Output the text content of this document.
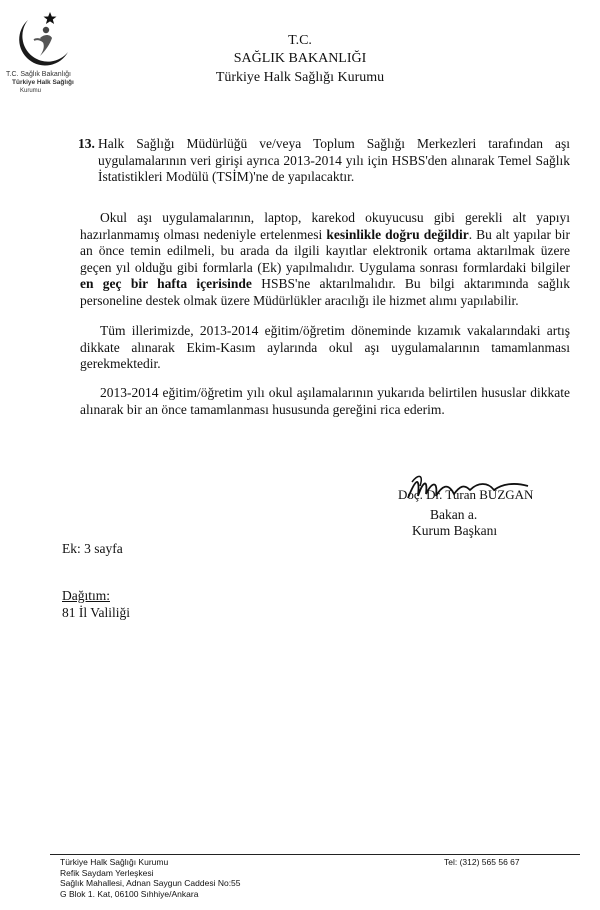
T.C. Sağlık Bakanlığı
Türkiye Halk Sağlığı
Kurumu
T.C.
SAĞLIK BAKANLIĞI
Türkiye Halk Sağlığı Kurumu
13. Halk Sağlığı Müdürlüğü ve/veya Toplum Sağlığı Merkezleri tarafından aşı uygulamalarının veri girişi ayrıca 2013-2014 yılı için HSBS'den alınarak Temel Sağlık İstatistikleri Modülü (TSİM)'ne de yapılacaktır.
Okul aşı uygulamalarının, laptop, karekod okuyucusu gibi gerekli alt yapıyı hazırlanmamış olması nedeniyle ertelenmesi kesinlikle doğru değildir. Bu alt yapılar bir an önce temin edilmeli, bu arada da ilgili kayıtlar elektronik ortama aktarılmak üzere geçen yıl olduğu gibi formlarla (Ek) yapılmalıdır. Uygulama sonrası formlardaki bilgiler en geç bir hafta içerisinde HSBS'ne aktarılmalıdır. Bu bilgi aktarımında sağlık personeline destek olmak üzere Müdürlükler aracılığı ile hizmet alımı yapılabilir.
Tüm illerimizde, 2013-2014 eğitim/öğretim döneminde kızamık vakalarındaki artış dikkate alınarak Ekim-Kasım aylarında okul aşı uygulamalarının tamamlanması gerekmektedir.
2013-2014 eğitim/öğretim yılı okul aşılamalarının yukarıda belirtilen hususlar dikkate alınarak bir an önce tamamlanması hususunda gereğini rica ederim.
Doç. Dr. Turan BUZGAN
Bakan a.
Kurum Başkanı
Ek: 3 sayfa
Dağıtım:
81 İl Valiliği
Türkiye Halk Sağlığı Kurumu
Refik Saydam Yerleşkesi
Sağlık Mahallesi, Adnan Saygun Caddesi No:55
G Blok 1. Kat, 06100 Sıhhiye/Ankara
Tel: (312) 565 56 67
